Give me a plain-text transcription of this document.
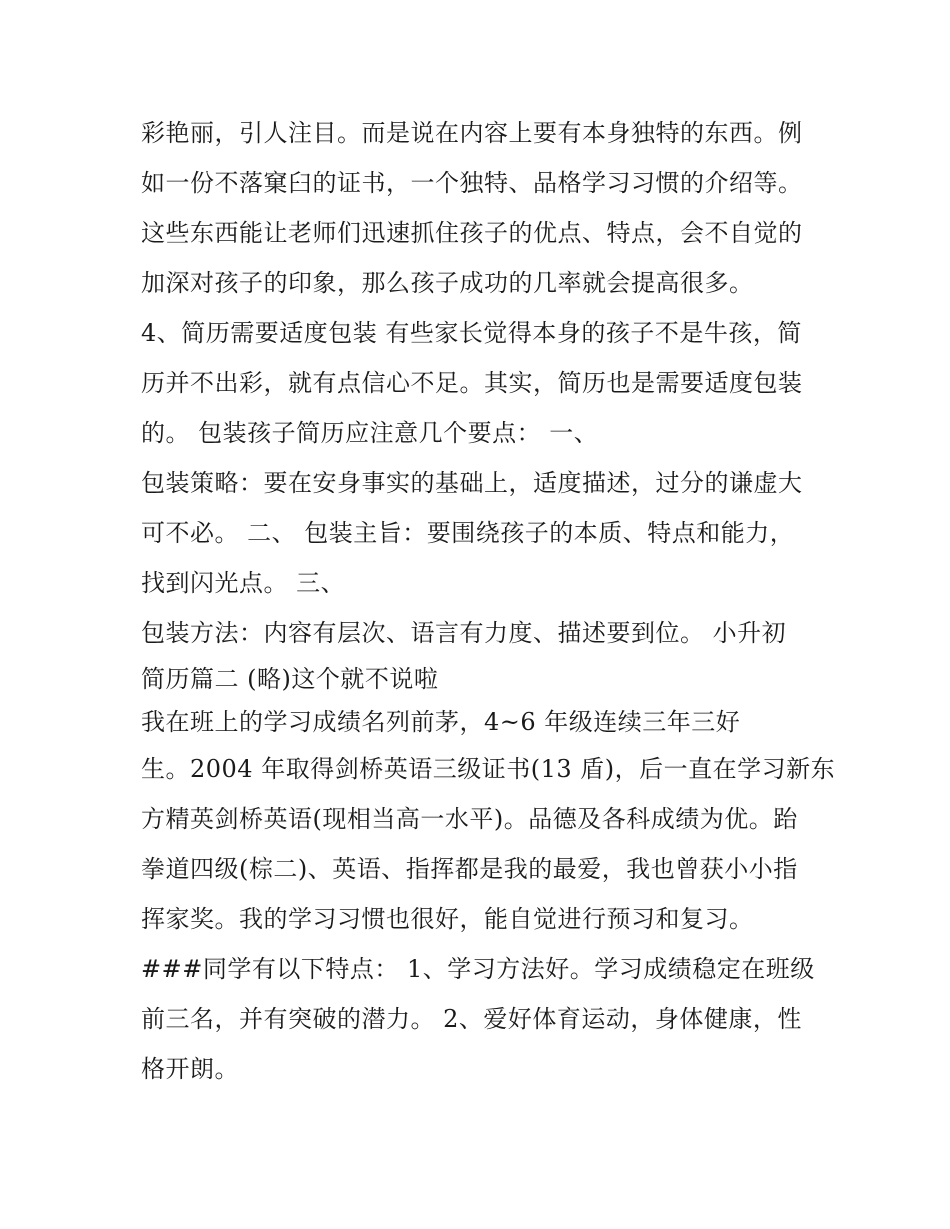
彩艳丽，引人注目。而是说在内容上要有本身独特的东西。例
如一份不落窠臼的证书，一个独特、品格学习习惯的介绍等。
这些东西能让老师们迅速抓住孩子的优点、特点，会不自觉的
加深对孩子的印象，那么孩子成功的几率就会提高很多。
4、简历需要适度包装 有些家长觉得本身的孩子不是牛孩，简
历并不出彩，就有点信心不足。其实，简历也是需要适度包装
的。 包装孩子简历应注意几个要点： 一、
包装策略：要在安身事实的基础上，适度描述，过分的谦虚大
可不必。 二、 包装主旨：要围绕孩子的本质、特点和能力，
找到闪光点。 三、
包装方法：内容有层次、语言有力度、描述要到位。 小升初
简历篇二 (略)这个就不说啦
我在班上的学习成绩名列前茅，4~6 年级连续三年三好
生。2004 年取得剑桥英语三级证书(13 盾)，后一直在学习新东
方精英剑桥英语(现相当高一水平)。品德及各科成绩为优。跆
拳道四级(棕二)、英语、指挥都是我的最爱，我也曾获小小指
挥家奖。我的学习习惯也很好，能自觉进行预习和复习。
###同学有以下特点： 1、学习方法好。学习成绩稳定在班级
前三名，并有突破的潜力。 2、爱好体育运动，身体健康，性
格开朗。
